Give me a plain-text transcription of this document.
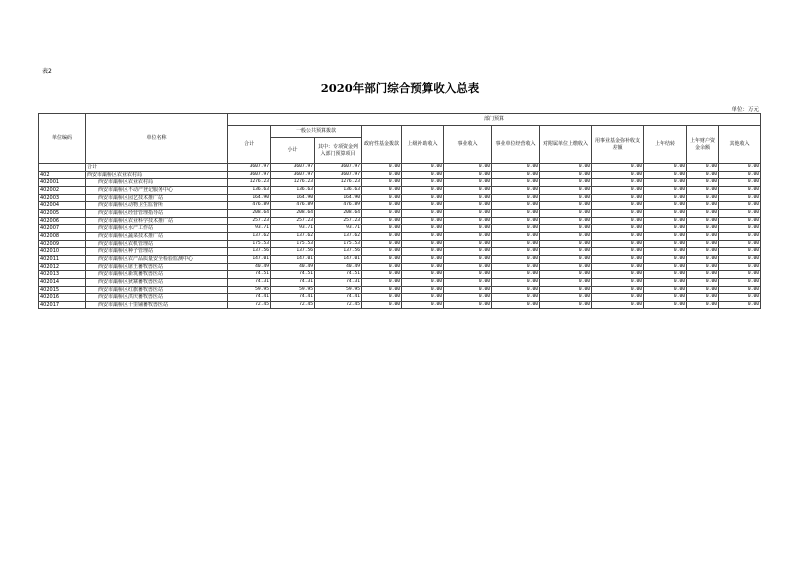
表2
2020年部门综合预算收入总表
单位：万元
单位编码	单位名称	部门预算											
		合计	一般公共预算拨款		政府性基金拨款	上级补助收入	事业收入	事业单位经营收入	对附属单位上缴收入	用事业基金弥补收支差额	上年结转	上年财户资金余额	其他收入
			小计	其中：专项资金列入部门预算项目									
	合计	3607.97	3607.97	3607.97	0.00	0.00	0.00	0.00	0.00	0.00	0.00	0.00	0.00
402	西安市灞桥区农业农村局	3607.97	3607.97	3607.97	0.00	0.00	0.00	0.00	0.00	0.00	0.00	0.00	0.00
402001	西安市灞桥区农业农村局	1276.23	1276.23	1276.23	0.00	0.00	0.00	0.00	0.00	0.00	0.00	0.00	0.00
402002	西安市灞桥区不动产登记服务中心	136.63	136.63	136.63	0.00	0.00	0.00	0.00	0.00	0.00	0.00	0.00	0.00
402003	西安市灞桥区园艺技术推广站	164.90	164.90	164.90	0.00	0.00	0.00	0.00	0.00	0.00	0.00	0.00	0.00
402004	西安市灞桥区动物卫生监督所	476.89	476.89	476.89	0.00	0.00	0.00	0.00	0.00	0.00	0.00	0.00	0.00
402005	西安市灞桥区经营管理指导站	208.64	208.64	208.64	0.00	0.00	0.00	0.00	0.00	0.00	0.00	0.00	0.00
402006	西安市灞桥区农业科学技术推广站	257.23	257.23	257.23	0.00	0.00	0.00	0.00	0.00	0.00	0.00	0.00	0.00
402007	西安市灞桥区水产工作站	93.71	93.71	93.71	0.00	0.00	0.00	0.00	0.00	0.00	0.00	0.00	0.00
402008	西安市灞桥区蔬菜技术推广站	137.62	137.62	137.62	0.00	0.00	0.00	0.00	0.00	0.00	0.00	0.00	0.00
402009	西安市灞桥区农机管理站	175.53	175.53	175.53	0.00	0.00	0.00	0.00	0.00	0.00	0.00	0.00	0.00
402010	西安市灞桥区种子管理站	137.56	137.56	137.56	0.00	0.00	0.00	0.00	0.00	0.00	0.00	0.00	0.00
402011	西安市灞桥区农产品质量安全检验监测中心	147.01	147.01	147.01	0.00	0.00	0.00	0.00	0.00	0.00	0.00	0.00	0.00
402012	西安市灞桥区席王畜牧兽医站	40.49	40.49	40.49	0.00	0.00	0.00	0.00	0.00	0.00	0.00	0.00	0.00
402013	西安市灞桥区新筑畜牧兽医站	74.51	74.51	74.51	0.00	0.00	0.00	0.00	0.00	0.00	0.00	0.00	0.00
402014	西安市灞桥区狄寨畜牧兽医站	74.31	74.31	74.31	0.00	0.00	0.00	0.00	0.00	0.00	0.00	0.00	0.00
402015	西安市灞桥区红旗畜牧兽医站	59.95	59.95	59.95	0.00	0.00	0.00	0.00	0.00	0.00	0.00	0.00	0.00
402016	西安市灞桥区洪庆畜牧兽医站	74.41	74.41	74.41	0.00	0.00	0.00	0.00	0.00	0.00	0.00	0.00	0.00
402017	西安市灞桥区十里铺畜牧兽医站	72.45	72.45	72.45	0.00	0.00	0.00	0.00	0.00	0.00	0.00	0.00	0.00
